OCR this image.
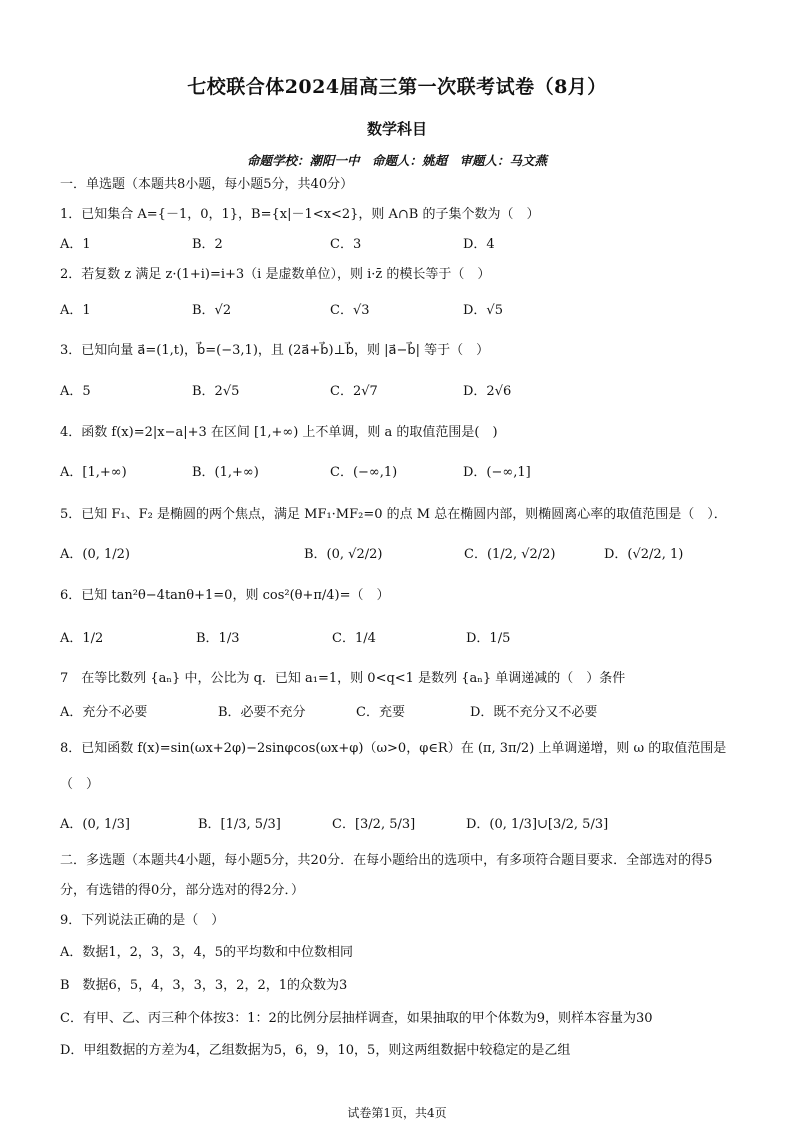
七校联合体2024届高三第一次联考试卷（8月）
数学科目
命题学校：潮阳一中　命题人：姚超　审题人：马文燕
一．单选题（本题共8小题，每小题5分，共40分）
1．已知集合 A={－1，0，1}，B={x|－1<x<2}，则 A∩B 的子集个数为（　）
A．1	B．2	C．3	D．4
2．若复数 z 满足 z·(1+i)=i+3（i 是虚数单位），则 i·z̄ 的模长等于（　）
A．1	B．√2	C．√3	D．√5
3．已知向量 a⃗=(1,t)，b⃗=(−3,1)，且 (2a⃗+b⃗)⊥b⃗，则 |a⃗−b⃗| 等于（　）
A．5	B．2√5	C．2√7	D．2√6
4．函数 f(x)=2|x−a|+3 在区间 [1,+∞) 上不单调，则 a 的取值范围是(　)
A．[1,+∞)	B．(1,+∞)	C．(−∞,1)	D．(−∞,1]
5．已知 F₁、F₂ 是椭圆的两个焦点，满足 MF₁·MF₂=0 的点 M 总在椭圆内部，则椭圆离心率的取值范围是（　）．
A．(0, 1/2)	B．(0, √2/2)	C．(1/2, √2/2)	D．(√2/2, 1)
6．已知 tan²θ−4tanθ+1=0，则 cos²(θ+π/4)=（　）
A．1/2	B．1/3	C．1/4	D．1/5
7　在等比数列 {aₙ} 中，公比为 q．已知 a₁=1，则 0<q<1 是数列 {aₙ} 单调递减的（　）条件
A．充分不必要	B．必要不充分	C．充要	D．既不充分又不必要
8．已知函数 f(x)=sin(ωx+2φ)−2sinφcos(ωx+φ)（ω>0，φ∈R）在 (π, 3π/2) 上单调递增，则 ω 的取值范围是
（　）
A．(0, 1/3]	B．[1/3, 5/3]	C．[3/2, 5/3]	D．(0, 1/3]∪[3/2, 5/3]
二．多选题（本题共4小题，每小题5分，共20分．在每小题给出的选项中，有多项符合题目要求．全部选对的得5
分，有选错的得0分，部分选对的得2分．）
9．下列说法正确的是（　）
A．数据1，2，3，3，4，5的平均数和中位数相同
B　数据6，5，4，3，3，3，2，2，1的众数为3
C．有甲、乙、丙三种个体按3：1：2的比例分层抽样调查，如果抽取的甲个体数为9，则样本容量为30
D．甲组数据的方差为4，乙组数据为5，6，9，10，5，则这两组数据中较稳定的是乙组
试卷第1页，共4页
